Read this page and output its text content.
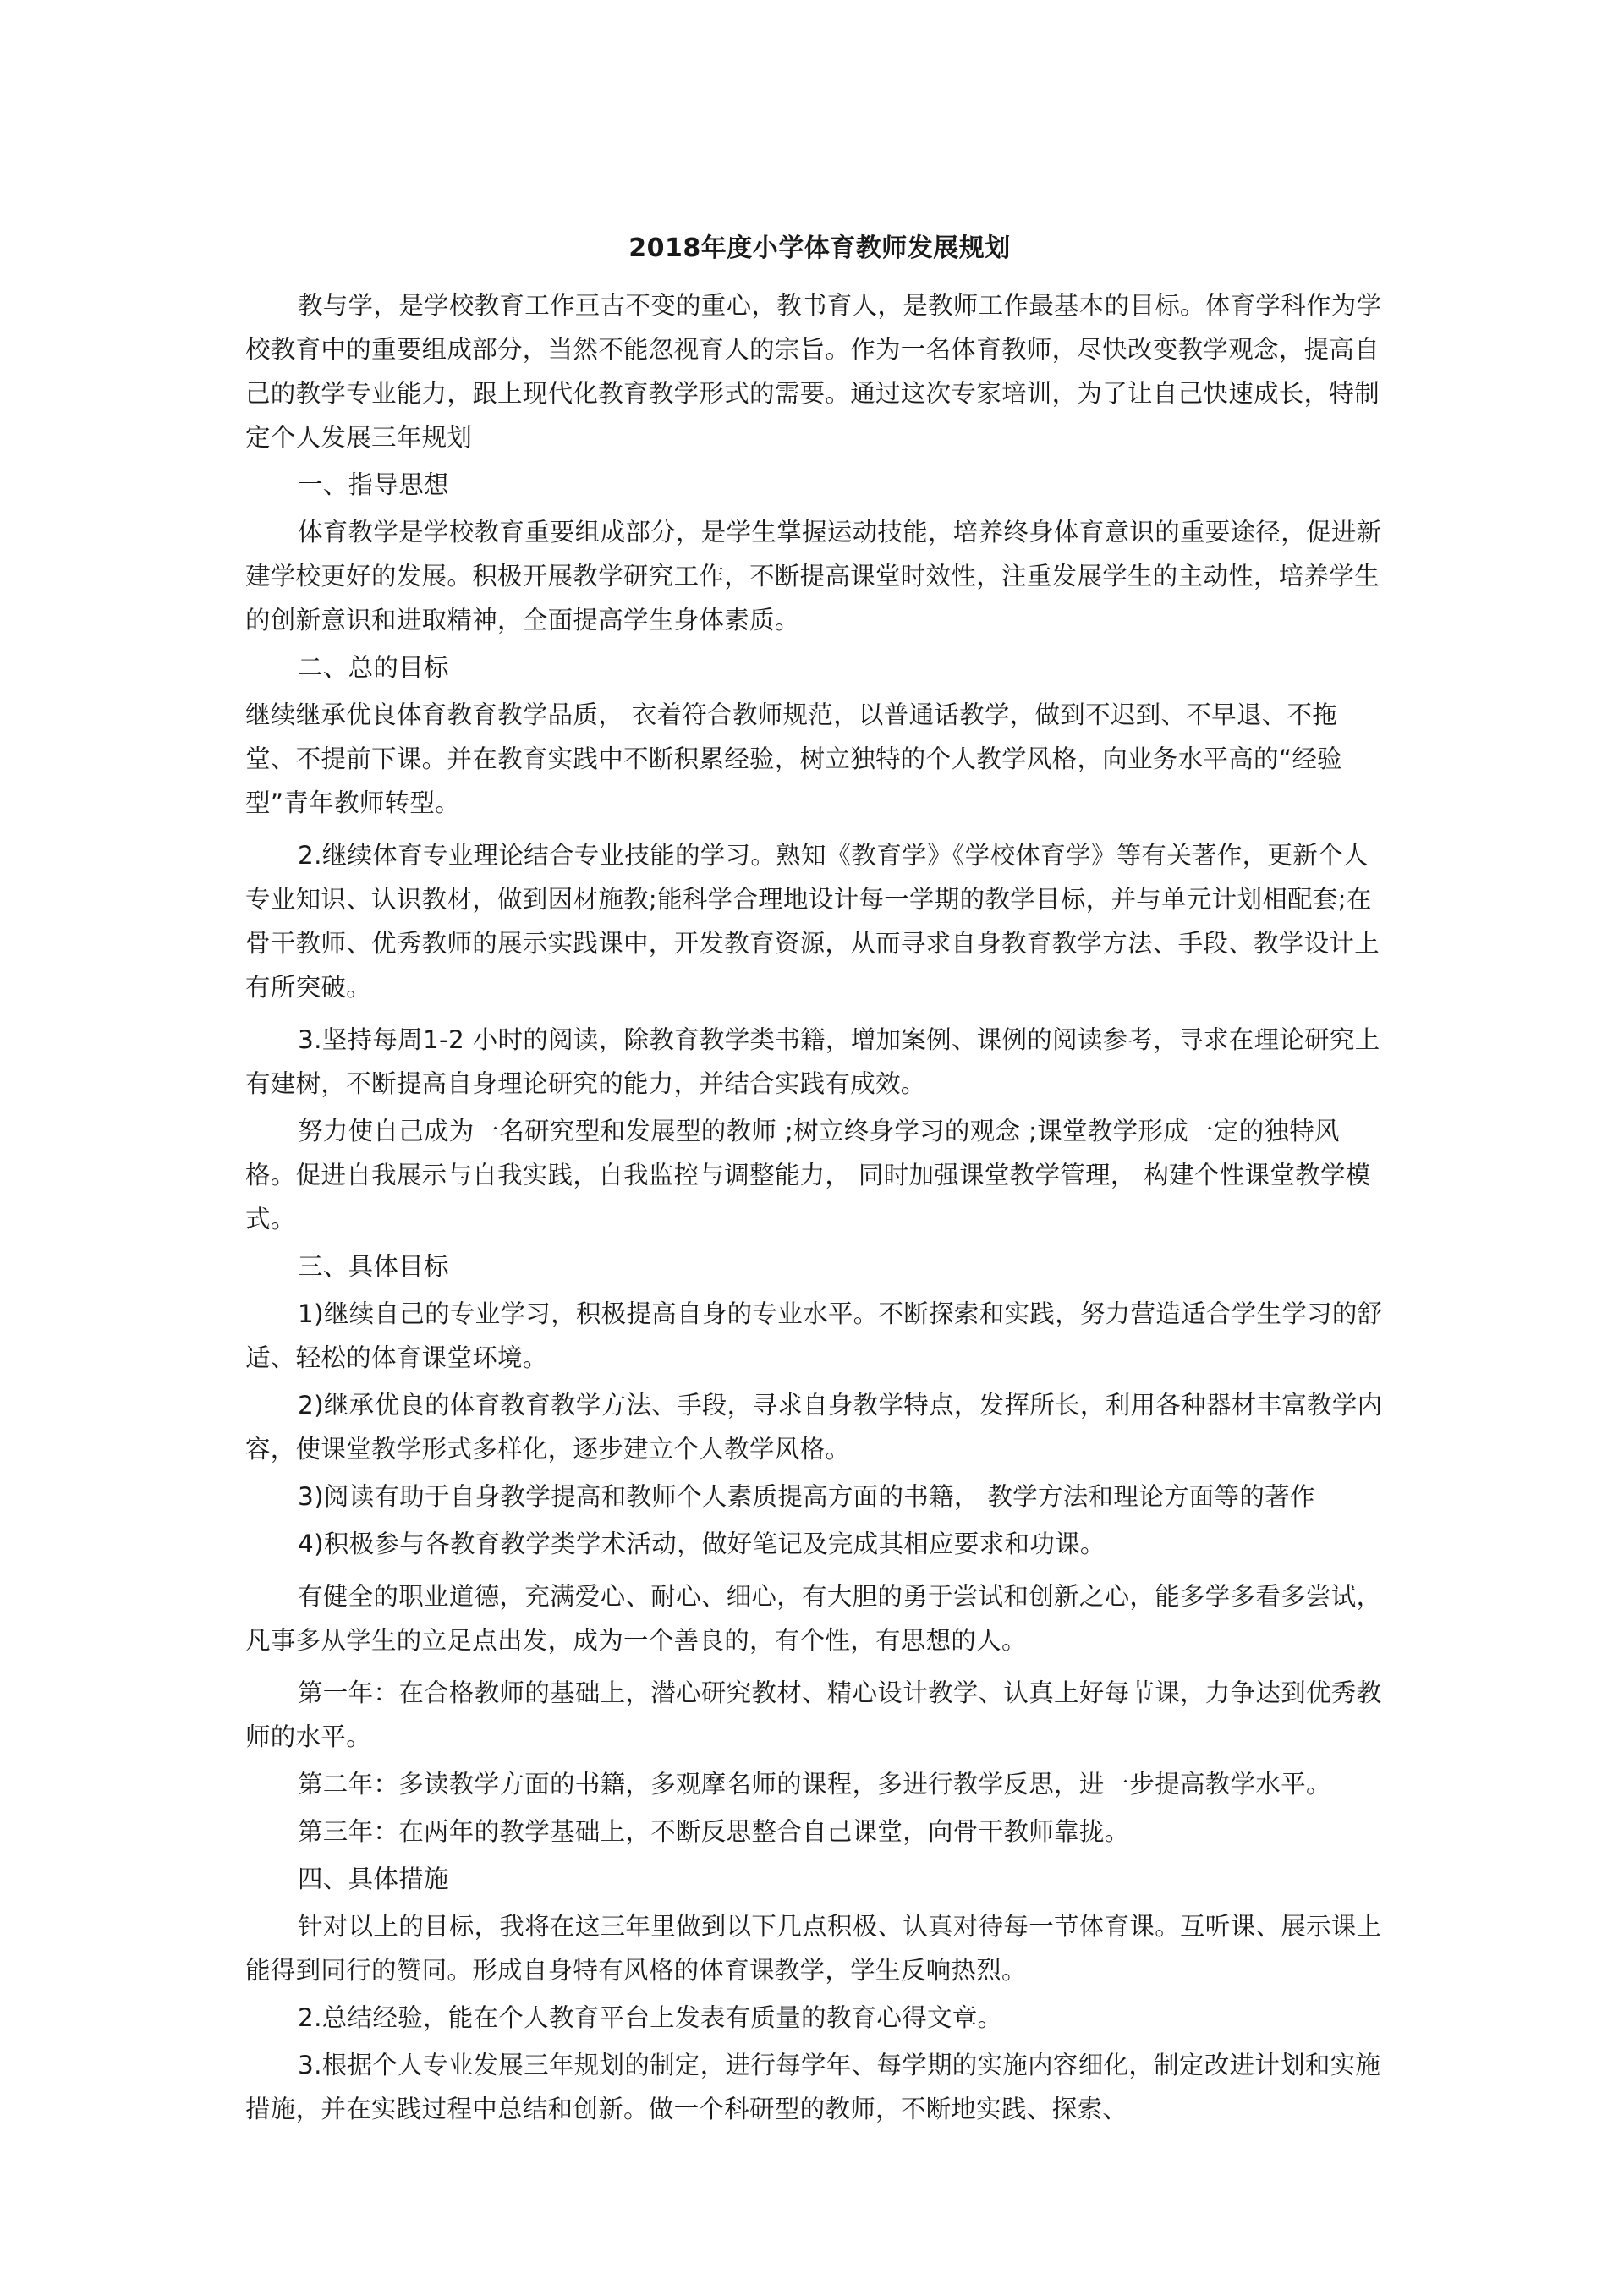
2018年度小学体育教师发展规划

教与学，是学校教育工作亘古不变的重心，教书育人，是教师工作最基本的目标。体育学科作为学校教育中的重要组成部分，当然不能忽视育人的宗旨。作为一名体育教师，尽快改变教学观念，提高自己的教学专业能力，跟上现代化教育教学形式的需要。通过这次专家培训，为了让自己快速成长，特制定个人发展三年规划

一、指导思想

体育教学是学校教育重要组成部分，是学生掌握运动技能，培养终身体育意识的重要途径，促进新建学校更好的发展。积极开展教学研究工作，不断提高课堂时效性，注重发展学生的主动性，培养学生的创新意识和进取精神，全面提高学生身体素质。

二、总的目标

继续继承优良体育教育教学品质， 衣着符合教师规范，以普通话教学，做到不迟到、不早退、不拖堂、不提前下课。并在教育实践中不断积累经验，树立独特的个人教学风格，向业务水平高的“经验型”青年教师转型。

2.继续体育专业理论结合专业技能的学习。熟知《教育学》《学校体育学》等有关著作，更新个人专业知识、认识教材，做到因材施教;能科学合理地设计每一学期的教学目标，并与单元计划相配套;在骨干教师、优秀教师的展示实践课中，开发教育资源，从而寻求自身教育教学方法、手段、教学设计上有所突破。

3.坚持每周1-2 小时的阅读，除教育教学类书籍，增加案例、课例的阅读参考，寻求在理论研究上有建树，不断提高自身理论研究的能力，并结合实践有成效。

努力使自己成为一名研究型和发展型的教师 ;树立终身学习的观念 ;课堂教学形成一定的独特风格。促进自我展示与自我实践，自我监控与调整能力， 同时加强课堂教学管理， 构建个性课堂教学模式。

三、具体目标

1)继续自己的专业学习，积极提高自身的专业水平。不断探索和实践，努力营造适合学生学习的舒适、轻松的体育课堂环境。

2)继承优良的体育教育教学方法、手段，寻求自身教学特点，发挥所长，利用各种器材丰富教学内容，使课堂教学形式多样化，逐步建立个人教学风格。

3)阅读有助于自身教学提高和教师个人素质提高方面的书籍， 教学方法和理论方面等的著作

4)积极参与各教育教学类学术活动，做好笔记及完成其相应要求和功课。

有健全的职业道德，充满爱心、耐心、细心，有大胆的勇于尝试和创新之心，能多学多看多尝试，凡事多从学生的立足点出发，成为一个善良的，有个性，有思想的人。

第一年：在合格教师的基础上，潜心研究教材、精心设计教学、认真上好每节课，力争达到优秀教师的水平。

第二年：多读教学方面的书籍，多观摩名师的课程，多进行教学反思，进一步提高教学水平。

第三年：在两年的教学基础上，不断反思整合自己课堂，向骨干教师靠拢。

四、具体措施

针对以上的目标，我将在这三年里做到以下几点积极、认真对待每一节体育课。互听课、展示课上能得到同行的赞同。形成自身特有风格的体育课教学，学生反响热烈。

2.总结经验，能在个人教育平台上发表有质量的教育心得文章。

3.根据个人专业发展三年规划的制定，进行每学年、每学期的实施内容细化，制定改进计划和实施措施，并在实践过程中总结和创新。做一个科研型的教师，不断地实践、探索、
